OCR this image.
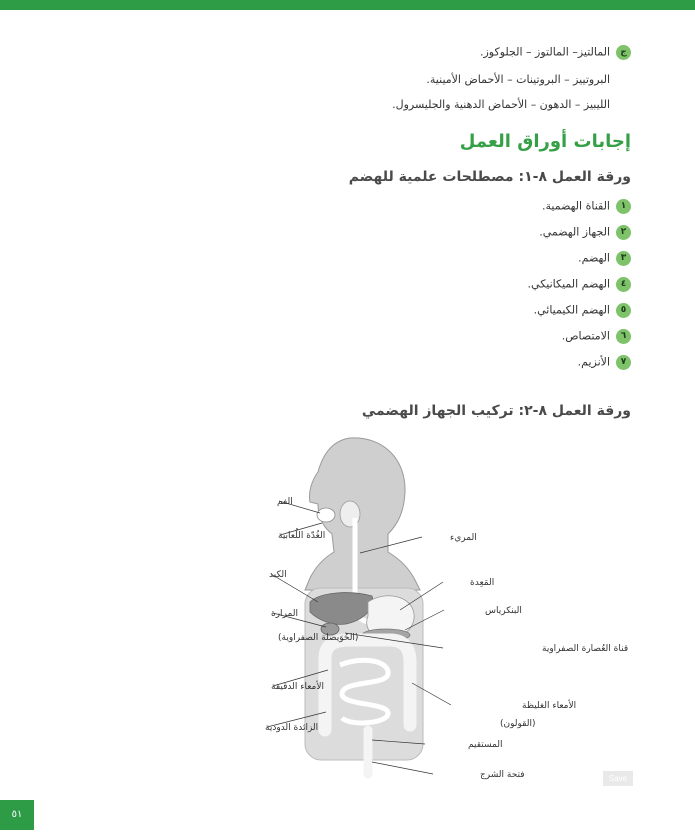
جالمالتيز– المالتوز – الجلوكوز.
البروتييز – البروتينات – الأحماض الأمينية.
الليبيز – الدهون – الأحماض الدهنية والجليسرول.
إجابات أوراق العمل
ورقة العمل ٨-١: مصطلحات علمية للهضم
١القناة الهضمية.
٢الجهاز الهضمي.
٣الهضم.
٤الهضم الميكانيكي.
٥الهضم الكيميائي.
٦الامتصاص.
٧الأنزيم.
ورقة العمل ٨-٢: تركيب الجهاز الهضمي
الفم
الغُدّة اللُعابية
الكبد
المرارة
(الحُوَيصلة الصفراوية)
الأمعاء الدقيقة
الزائدة الدودية
المريء
المَعِدة
البنكرياس
قناة العُصارة الصفراوية
الأمعاء الغليظة
(القولون)
المستقيم
فتحة الشرج	Save
٥١
